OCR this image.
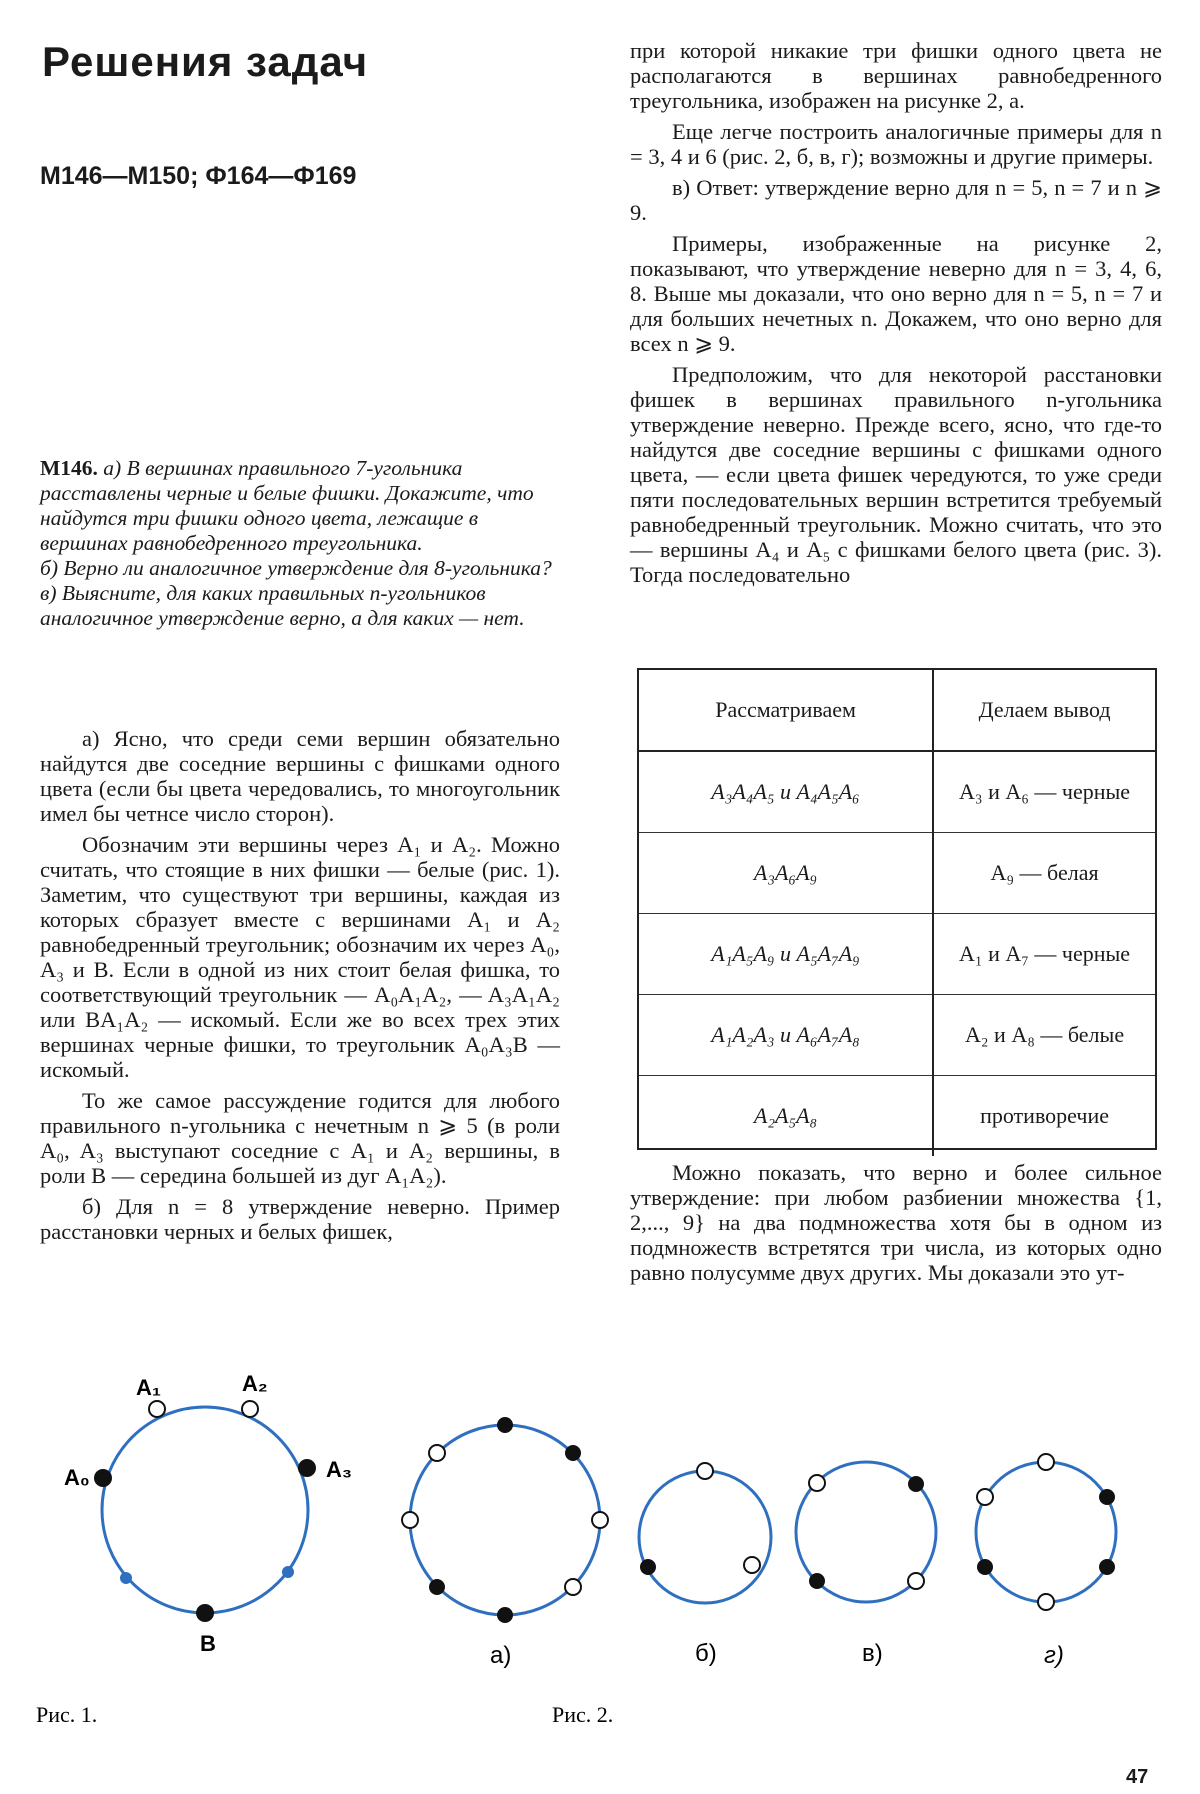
Решения задач
М146—М150; Ф164—Ф169

М146. а) В вершинах правильного 7-угольника расставлены черные и белые фишки. Докажите, что найдутся три фишки одного цвета, лежащие в вершинах равнобедренного треугольника.

б) Верно ли аналогичное утверждение для 8-угольника?

в) Выясните, для каких правильных n-угольников аналогичное утверждение верно, а для каких — нет.

а) Ясно, что среди семи вершин обязательно найдутся две соседние вершины с фишками одного цвета (если бы цвета чередовались, то многоугольник имел бы четнсе число сторон).

Обозначим эти вершины через A₁ и A₂. Можно считать, что стоящие в них фишки — белые (рис. 1). Заметим, что существуют три вершины, каждая из которых сбразует вместе с вершинами A₁ и A₂ равнобедренный треугольник; обозначим их через A₀, A₃ и B. Если в одной из них стоит белая фишка, то соответствующий треугольник — A₀A₁A₂, — A₃A₁A₂ или BA₁A₂ — искомый. Если же во всех трех этих вершинах черные фишки, то треугольник A₀A₃B — искомый.

То же самое рассуждение годится для любого правильного n-угольника с нечетным n ⩾ 5 (в роли A₀, A₃ выступают соседние с A₁ и A₂ вершины, в роли B — середина большей из дуг A₁A₂).

б) Для n = 8 утверждение неверно. Пример расстановки черных и белых фишек,

при которой никакие три фишки одного цвета не располагаются в вершинах равнобедренного треугольника, изображен на рисунке 2, а.

Еще легче построить аналогичные примеры для n = 3, 4 и 6 (рис. 2, б, в, г); возможны и другие примеры.

в) Ответ: утверждение верно для n = 5, n = 7 и n ⩾ 9.

Примеры, изображенные на рисунке 2, показывают, что утверждение неверно для n = 3, 4, 6, 8. Выше мы доказали, что оно верно для n = 5, n = 7 и для больших нечетных n. Докажем, что оно верно для всех n ⩾ 9.

Предположим, что для некоторой расстановки фишек в вершинах правильного n-угольника утверждение неверно. Прежде всего, ясно, что где-то найдутся две соседние вершины с фишками одного цвета, — если цвета фишек чередуются, то уже среди пяти последовательных вершин встретится требуемый равнобедренный треугольник. Можно считать, что это — вершины A₄ и A₅ с фишками белого цвета (рис. 3). Тогда последовательно

Рассматриваем	Делаем вывод
A₃A₄A₅ и A₄A₅A₆	A₃ и A₆ — черные
A₃A₆A₉	A₉ — белая
A₁A₅A₉ и A₅A₇A₉	A₁ и A₇ — черные
A₁A₂A₃ и A₆A₇A₈	A₂ и A₈ — белые
A₂A₅A₈	противоречие

Можно показать, что верно и более сильное утверждение: при любом разбиении множества {1, 2,..., 9} на два подмножества хотя бы в одном из подмножеств встретятся три числа, из которых одно равно полусумме двух других. Мы доказали это ут-

A₁	A₂
A₃
A₀
B	а)	б)	в)	г)
Рис. 1.	Рис. 2.
47
